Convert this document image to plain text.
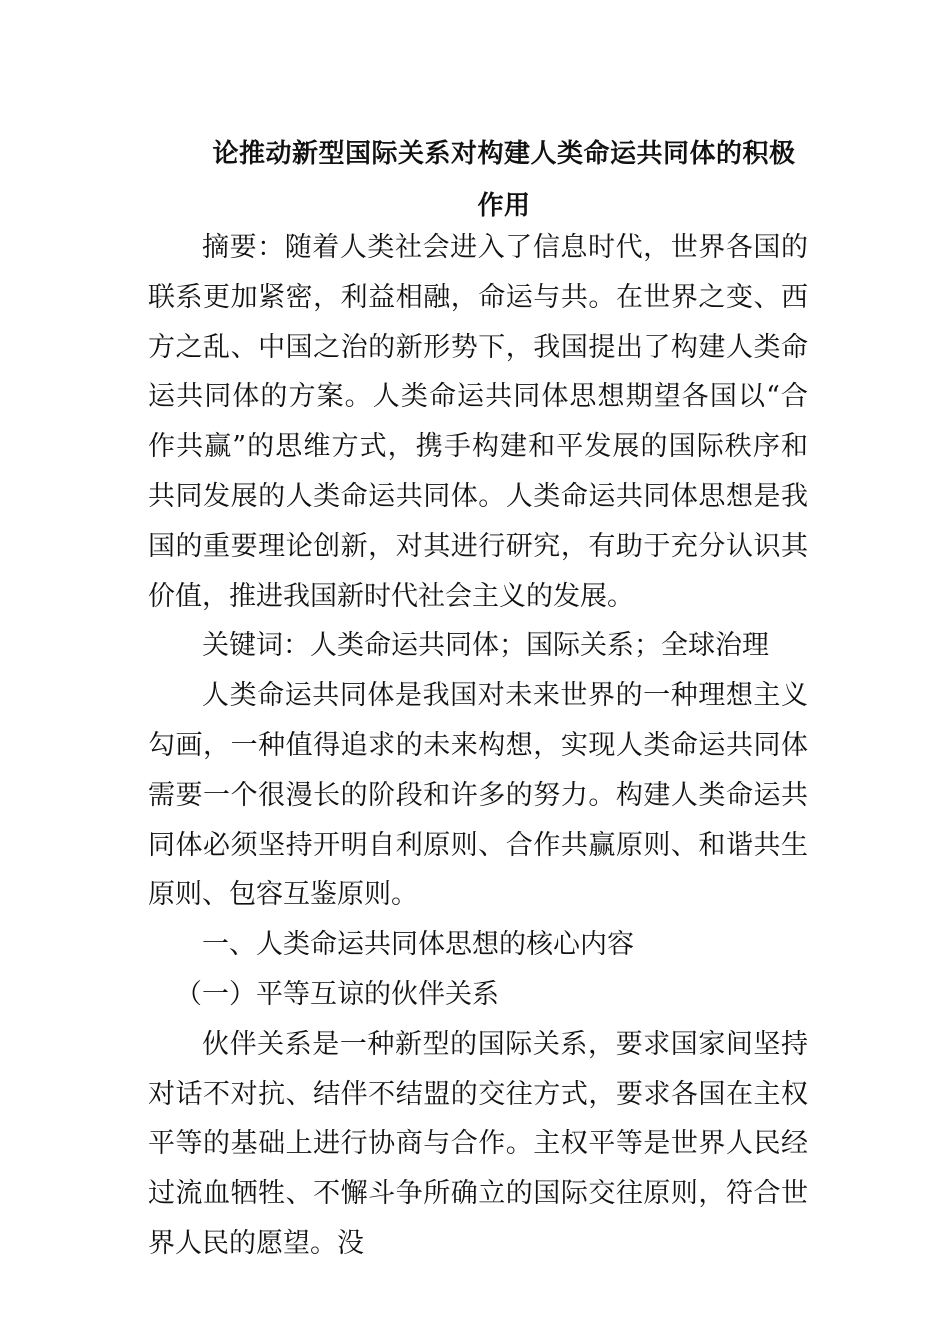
论推动新型国际关系对构建人类命运共同体的积极作用

摘要：随着人类社会进入了信息时代，世界各国的联系更加紧密，利益相融，命运与共。在世界之变、西方之乱、中国之治的新形势下，我国提出了构建人类命运共同体的方案。人类命运共同体思想期望各国以“合作共赢”的思维方式，携手构建和平发展的国际秩序和共同发展的人类命运共同体。人类命运共同体思想是我国的重要理论创新，对其进行研究，有助于充分认识其价值，推进我国新时代社会主义的发展。

关键词：人类命运共同体；国际关系；全球治理

人类命运共同体是我国对未来世界的一种理想主义勾画，一种值得追求的未来构想，实现人类命运共同体需要一个很漫长的阶段和许多的努力。构建人类命运共同体必须坚持开明自利原则、合作共赢原则、和谐共生原则、包容互鉴原则。

一、人类命运共同体思想的核心内容

（一）平等互谅的伙伴关系

伙伴关系是一种新型的国际关系，要求国家间坚持对话不对抗、结伴不结盟的交往方式，要求各国在主权平等的基础上进行协商与合作。主权平等是世界人民经过流血牺牲、不懈斗争所确立的国际交往原则，符合世界人民的愿望。没
